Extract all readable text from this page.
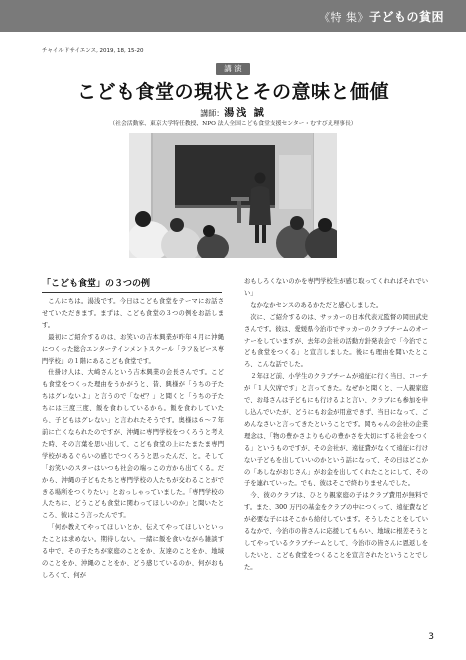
《特 集》子どもの貧困
チャイルドサイエンス, 2019, 18, 15-20
講 演
こども食堂の現状とその意味と価値
講師：湯浅 誠
（社会活動家、東京大学特任教授、NPO 法人全国こども食堂支援センター・むすびえ理事長）
「こども食堂」の３つの例

こんにちは。湯浅です。今日はこども食堂をテーマにお話させていただきます。まずは、こども食堂の３つの例をお話します。

最初にご紹介するのは、お笑いの吉本興業が昨年４月に沖縄につくった総合エンターテインメントスクール「ラフ＆ピース専門学校」の１階にあるこども食堂です。

仕掛け人は、大崎さんという吉本興業の会長さんです。こども食堂をつくった理由をうかがうと、昔、興様が「うちの子たちはグレないよ」と言うので「なぜ？」と聞くと「うちの子たちには三度三度、飯を食わしているから。飯を食わしていたら、子どもはグレない」と言われたそうです。奥様は６～７年前に亡くなられたのですが、沖縄に専門学校をつくろうと考えた時、その言葉を思い出して、こども食堂の上にたまたま専門学校があるぐらいの感じでつくろうと思ったんだ、と。そして「お笑いのスターはいつも社会の端っこの方から出てくる。だから、沖縄の子どもたちと専門学校の人たちが交わることができる場所をつくりたい」とおっしゃっていました。「専門学校の人たちに、どうこども食堂に関わってほしいのか」と聞いたところ、彼はこう言ったんです。

「何か教えてやってほしいとか、伝えてやってほしいといったことは求めない。期待しない。一緒に飯を食いながら雑談する中で、その子たちが家庭のことをか、友達のことをか、地域のことをか、沖縄のことをか、どう感じているのか、何がおもしろくて、何が

おもしろくないのかを専門学校生が感じ取ってくれればそれでいい」

なかなかセンスのあるかただと感心しました。

次に、ご紹介するのは、サッカーの日本代表元監督の岡田武史さんです。彼は、愛媛県今治市でサッカーのクラブチームのオーナーをしていますが、去年の会社の活動方針発表会で「今治でこども食堂をつくる」と宣言しました。後にも理由を聞いたところ、こんな話でした。

２年ほど前、小学生のクラブチームが遠征に行く当日、コーチが「１人欠席です」と言ってきた。なぜかと聞くと、一人親家庭で、お母さんは子どもにも行けるよと言い、クラブにも参加を申し込んでいたが、どうにもお金が用意できず、当日になって、ごめんなさいと言ってきたということです。岡ちゃんの会社の企業理念は、「物の豊かさよりも心の豊かさを大切にする社会をつくる」というものですが、その会社が、遠征費がなくて遠征に行けない子どもを出していいのかという話になって、その日はどこかの「あしながおじさん」がお金を出してくれたことにして、その子を連れていった。でも、彼はそこで終わりませんでした。

今、彼のクラブは、ひとり親家庭の子はクラブ費用が無料です。また、300 万円の基金をクラブの中につくって、遠征費などが必要な子にはそこから給付しています。そうしたことをしているなかで、今治市の皆さんに応援してもらい、地域に根差そうとしてやっているクラブチームとして、今治市の皆さんに恩返しをしたいと、こども食堂をつくることを宣言されたということでした。

3
